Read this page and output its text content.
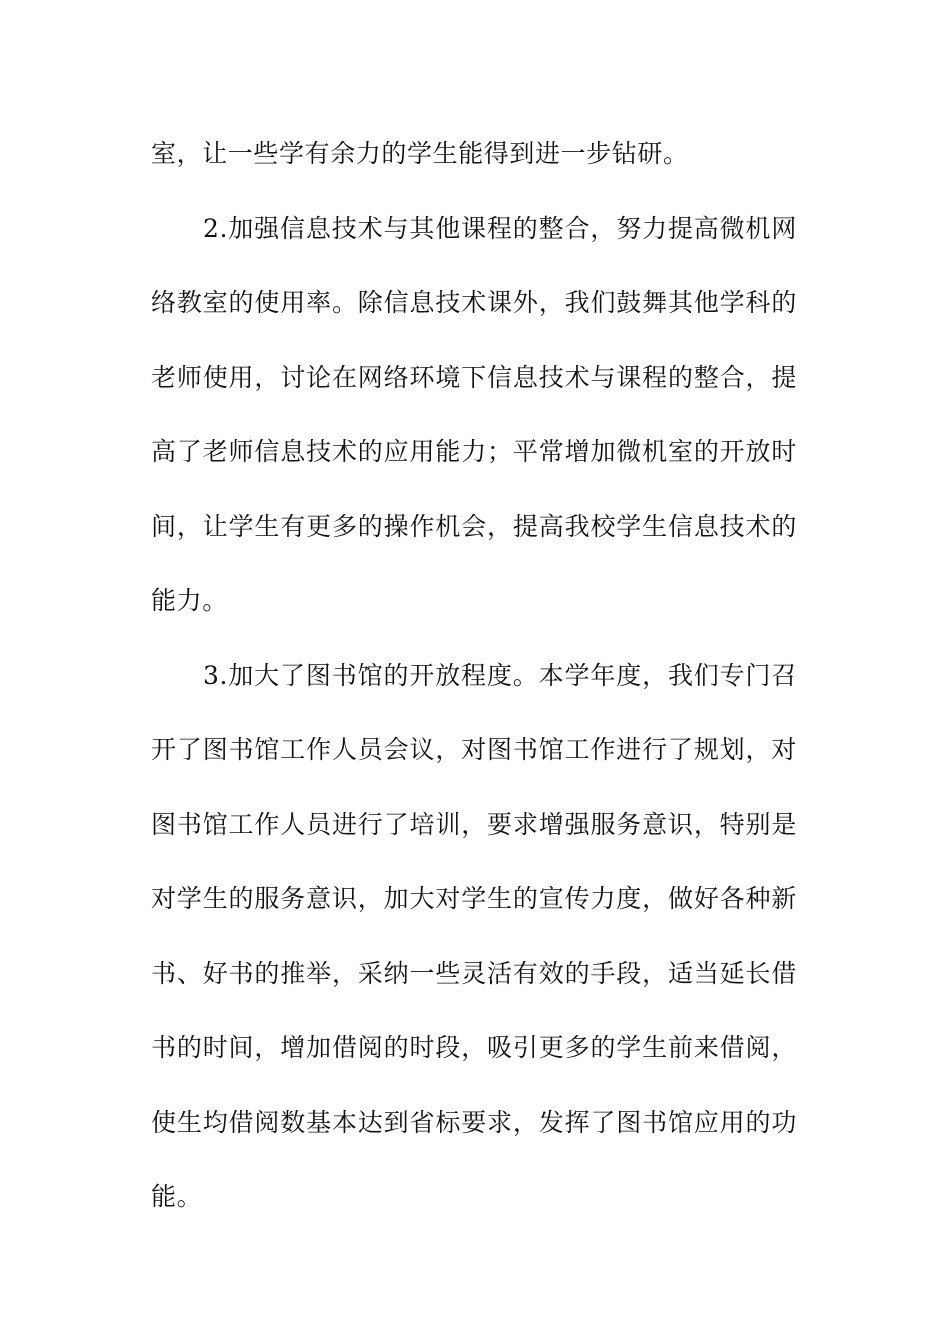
室，让一些学有余力的学生能得到进一步钻研。
2.加强信息技术与其他课程的整合，努力提高微机网
络教室的使用率。除信息技术课外，我们鼓舞其他学科的
老师使用，讨论在网络环境下信息技术与课程的整合，提
高了老师信息技术的应用能力；平常增加微机室的开放时
间，让学生有更多的操作机会，提高我校学生信息技术的
能力。
3.加大了图书馆的开放程度。本学年度，我们专门召
开了图书馆工作人员会议，对图书馆工作进行了规划，对
图书馆工作人员进行了培训，要求增强服务意识，特别是
对学生的服务意识，加大对学生的宣传力度，做好各种新
书、好书的推举，采纳一些灵活有效的手段，适当延长借
书的时间，增加借阅的时段，吸引更多的学生前来借阅，
使生均借阅数基本达到省标要求，发挥了图书馆应用的功
能。
